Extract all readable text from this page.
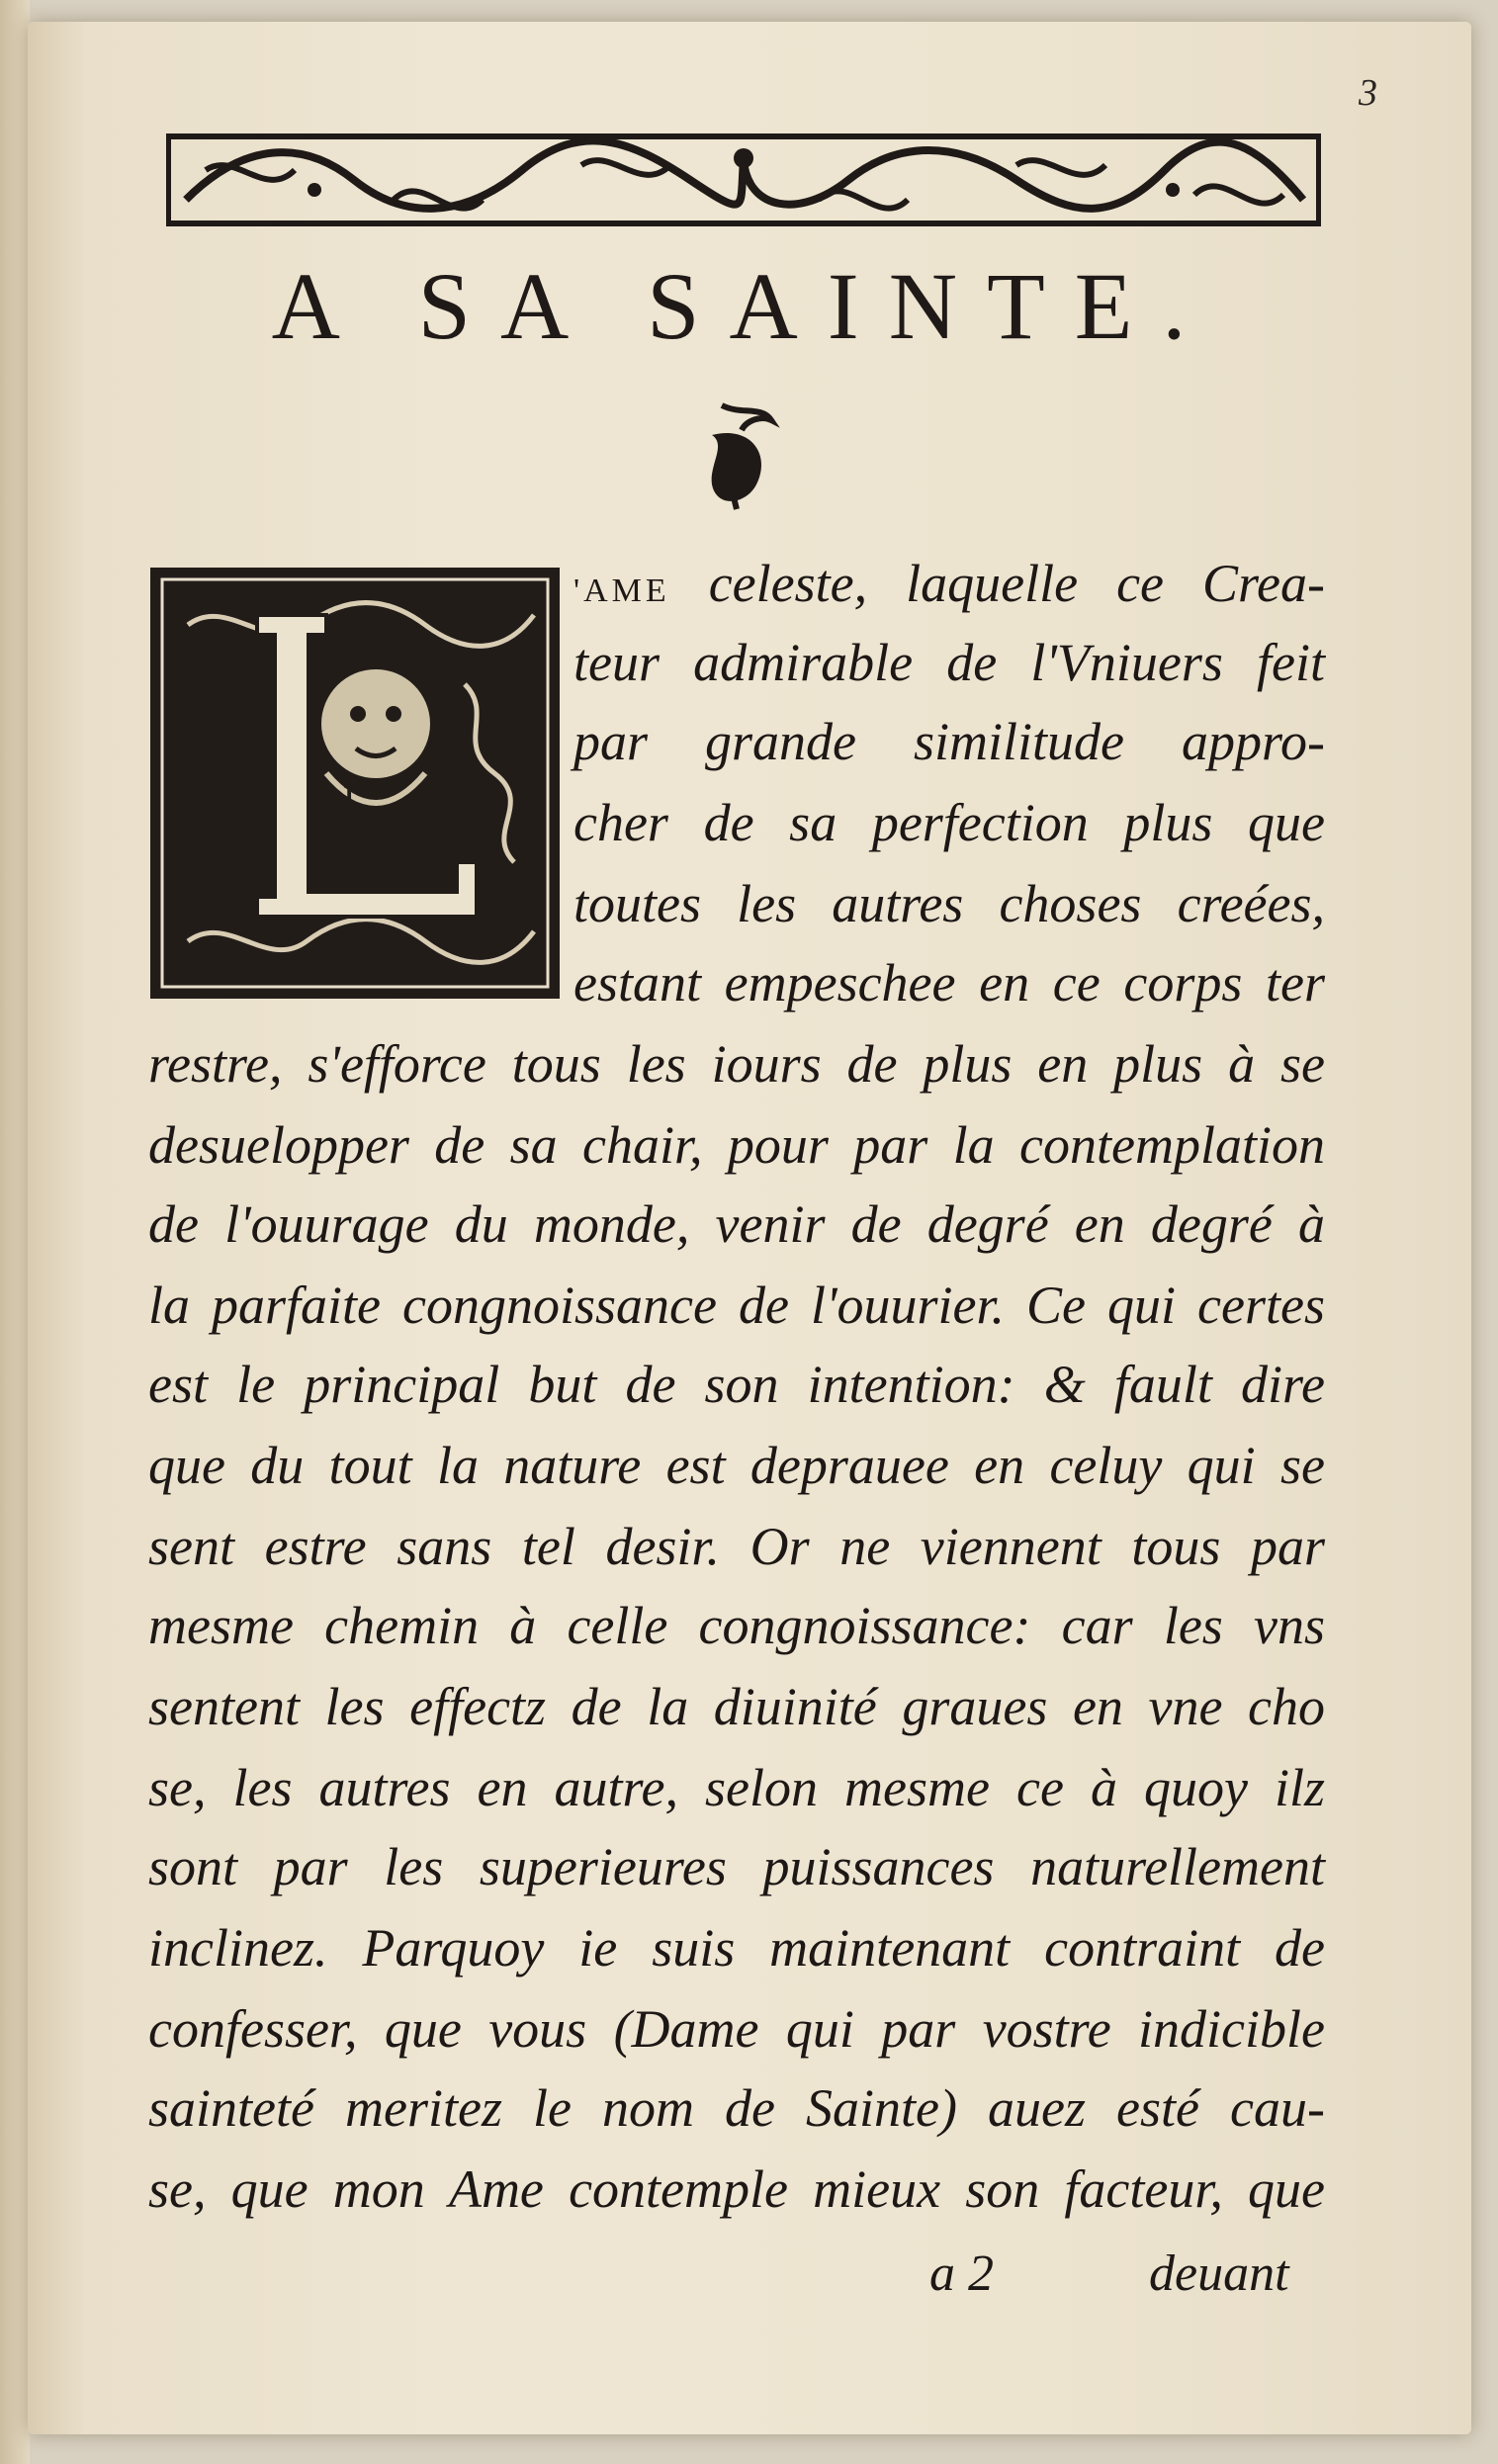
3
A SA SAINTE.
L
'AME celeste, laquelle ce Crea-
teur admirable de l'Vniuers feit
par grande similitude appro-
cher de sa perfection plus que
toutes les autres choses creées,
estant empeschee en ce corps ter
restre, s'efforce tous les iours de plus en plus à se
desuelopper de sa chair, pour par la contemplation
de l'ouurage du monde, venir de degré en degré à
la parfaite congnoissance de l'ouurier. Ce qui certes
est le principal but de son intention: & fault dire
que du tout la nature est deprauee en celuy qui se
sent estre sans tel desir. Or ne viennent tous par
mesme chemin à celle congnoissance: car les vns
sentent les effectz de la diuinité graues en vne cho
se, les autres en autre, selon mesme ce à quoy ilz
sont par les superieures puissances naturellement
inclinez. Parquoy ie suis maintenant contraint de
confesser, que vous (Dame qui par vostre indicible
sainteté meritez le nom de Sainte) auez esté cau-
se, que mon Ame contemple mieux son facteur, que
a 2	deuant
